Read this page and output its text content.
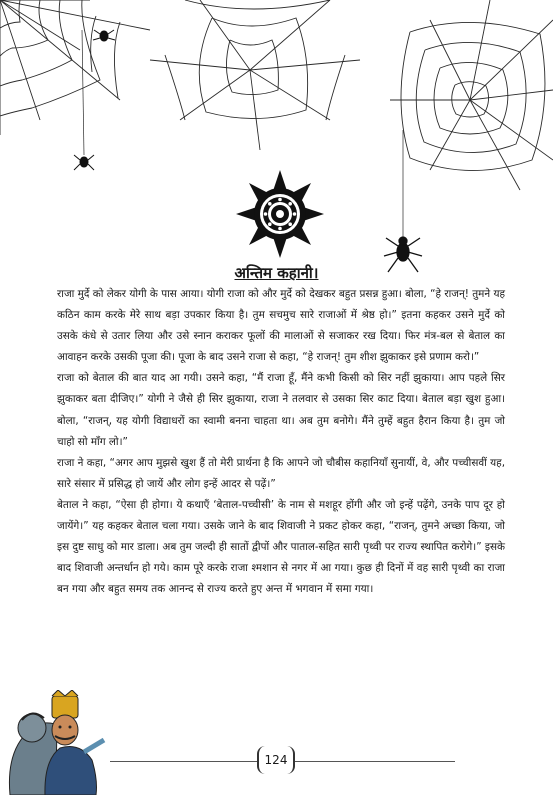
अन्तिम कहानी।

राजा मुर्दे को लेकर योगी के पास आया। योगी राजा को और मुर्दे को देखकर बहुत प्रसन्न हुआ। बोला, “हे राजन्! तुमने यह कठिन काम करके मेरे साथ बड़ा उपकार किया है। तुम सचमुच सारे राजाओं में श्रेष्ठ हो।” इतना कहकर उसने मुर्दे को उसके कंधे से उतार लिया और उसे स्नान कराकर फूलों की मालाओं से सजाकर रख दिया। फिर मंत्र-बल से बेताल का आवाहन करके उसकी पूजा की। पूजा के बाद उसने राजा से कहा, “हे राजन्! तुम शीश झुकाकर इसे प्रणाम करो।”

राजा को बेताल की बात याद आ गयी। उसने कहा, “मैं राजा हूँ, मैंने कभी किसी को सिर नहीं झुकाया। आप पहले सिर झुकाकर बता दीजिए।” योगी ने जैसे ही सिर झुकाया, राजा ने तलवार से उसका सिर काट दिया। बेताल बड़ा खुश हुआ। बोला, “राजन्, यह योगी विद्याधरों का स्वामी बनना चाहता था। अब तुम बनोगे। मैंने तुम्हें बहुत हैरान किया है। तुम जो चाहो सो माँग लो।”

राजा ने कहा, “अगर आप मुझसे खुश हैं तो मेरी प्रार्थना है कि आपने जो चौबीस कहानियाँ सुनायीं, वे, और पच्चीसवीं यह, सारे संसार में प्रसिद्ध हो जायें और लोग इन्हें आदर से पढ़ें।”

बेताल ने कहा, “ऐसा ही होगा। ये कथाएँ ‘बेताल-पच्चीसी’ के नाम से मशहूर होंगी और जो इन्हें पढ़ेंगे, उनके पाप दूर हो जायेंगे।” यह कहकर बेताल चला गया। उसके जाने के बाद शिवाजी ने प्रकट होकर कहा, “राजन्, तुमने अच्छा किया, जो इस दुष्ट साधु को मार डाला। अब तुम जल्दी ही सातों द्वीपों और पाताल-सहित सारी पृथ्वी पर राज्य स्थापित करोगे।” इसके बाद शिवाजी अन्तर्धान हो गये। काम पूरे करके राजा श्मशान से नगर में आ गया। कुछ ही दिनों में वह सारी पृथ्वी का राजा बन गया और बहुत समय तक आनन्द से राज्य करते हुए अन्त में भगवान में समा गया।

124
